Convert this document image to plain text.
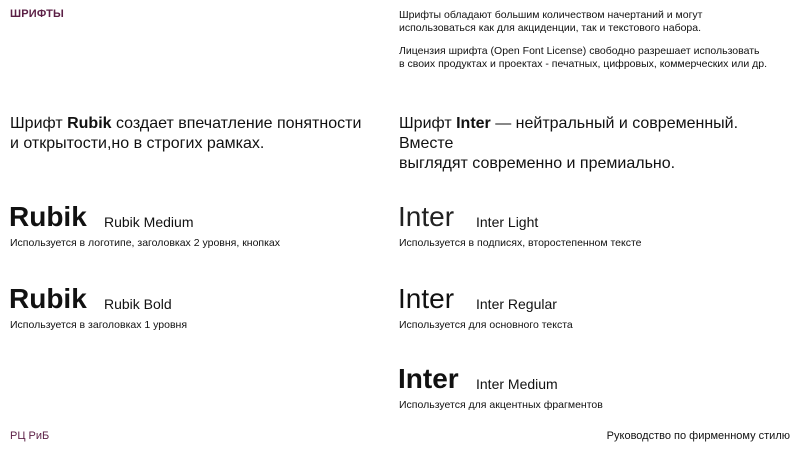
ШРИФТЫ	Шрифты обладают большим количеством начертаний и могут

использоваться как для акциденции, так и текстового набора.

Лицензия шрифта (Open Font License) свободно разрешает использовать

в своих продуктах и проектах - печатных, цифровых, коммерческих или др.

Шрифт Rubik создает впечатление понятности
и открытости,но в строгих рамках.
Шрифт Inter — нейтральный и современный. Вместе
выглядят современно и премиально.
Rubik Rubik Medium
Используется в логотипе, заголовках 2 уровня, кнопках
Rubik Rubik Bold
Используется в заголовках 1 уровня
Inter Inter Light
Используется в подписях, второстепенном тексте
Inter Inter Regular
Используется для основного текста
Inter Inter Medium
Используется для акцентных фрагментов
РЦ РиБ	Руководство по фирменному стилю
